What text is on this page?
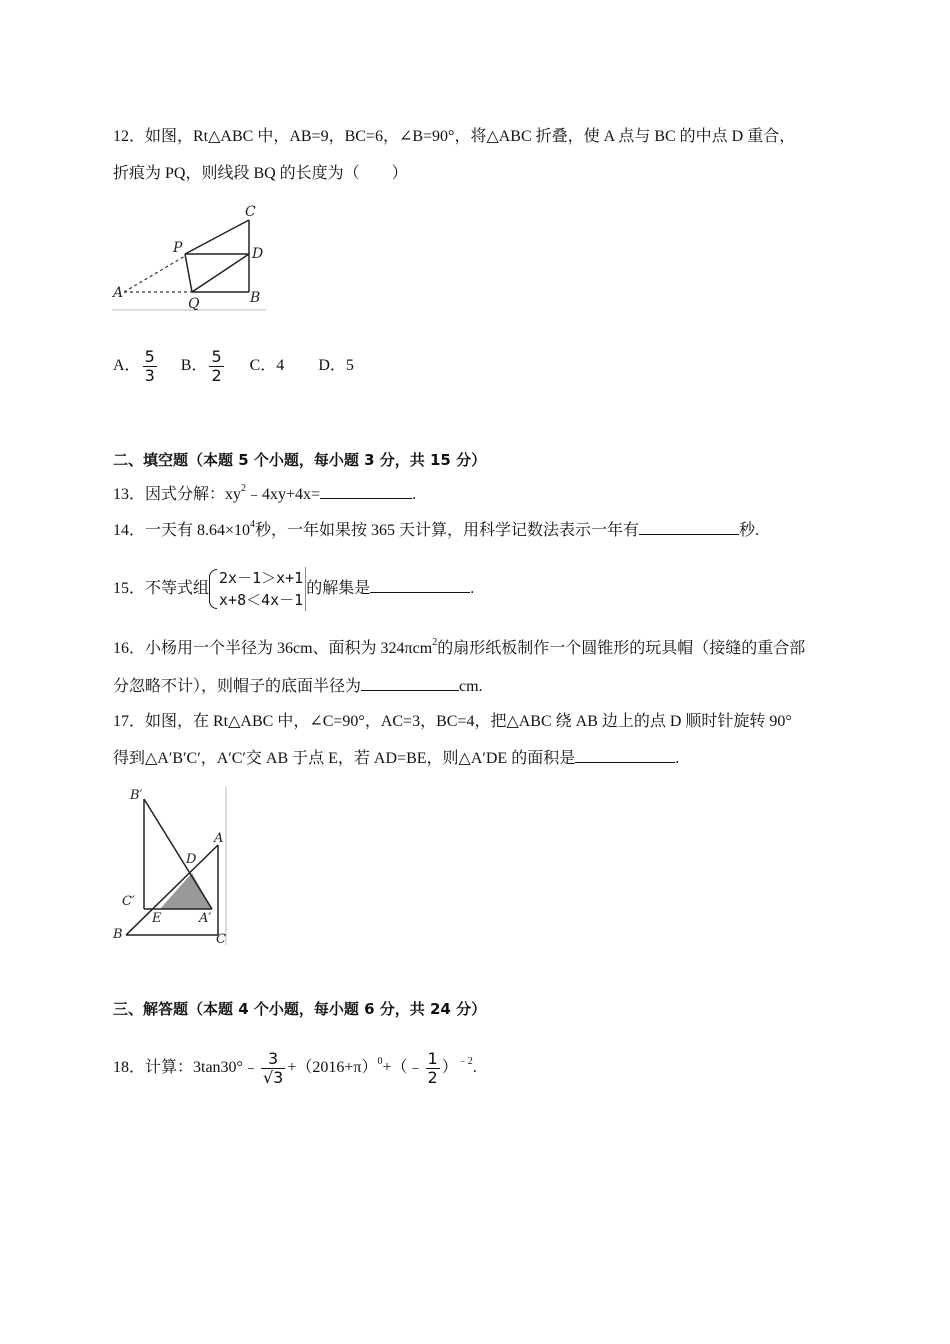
12．如图，Rt△ABC 中，AB=9，BC=6，∠B=90°，将△ABC 折叠，使 A 点与 BC 的中点 D 重合，
折痕为 PQ，则线段 BQ 的长度为（　　）
A	B
C
D
P
Q
A． $\frac{5}{3}$ B． $\frac{5}{2}$ C．4 D．5
二、填空题（本题 5 个小题，每小题 3 分，共 15 分）
13．因式分解：$xy^2﹣4xy+4x=$	.
14．一天有 $8.64\times 10^4$秒，一年如果按 365 天计算，用科学记数法表示一年有	秒.
15．不等式组
2x－1＞x+1
x+8＜4x－1
的解集是	.
16．小杨用一个半径为 36cm、面积为 324πcm$^2$的扇形纸板制作一个圆锥形的玩具帽（接缝的重合部
分忽略不计），则帽子的底面半径为	cm.
17．如图，在 Rt△ABC 中，∠C=90°，AC=3，BC=4，把△ABC 绕 AB 边上的点 D 顺时针旋转 90°
得到△A′B′C′，A′C′交 AB 于点 E，若 AD=BE，则△A′DE 的面积是	.
B′
A
D
C′
E	A′
B	C
三、解答题（本题 4 个小题，每小题 6 分，共 24 分）
18．计算：3tan30°﹣ $\frac{3}{√3}$ $+(2016+\pi)^0+(﹣ \frac{1}{2} )^{﹣2}$.
